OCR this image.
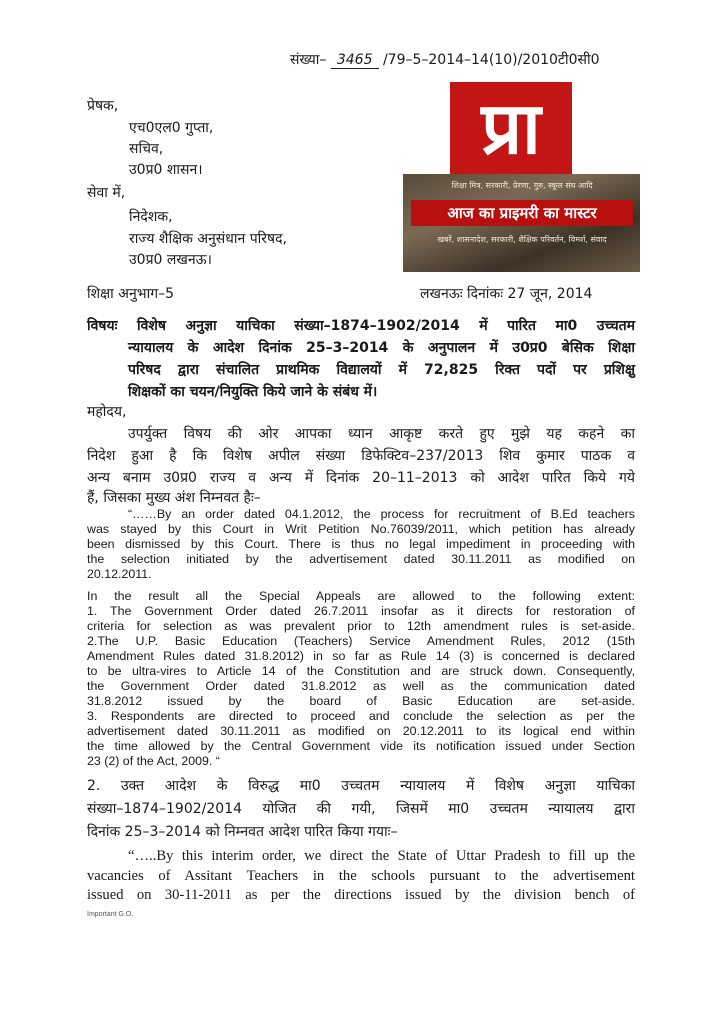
संख्या– 3465 /79–5–2014–14(10)/2010टी0सी0
प्रेषक,
एच0एल0 गुप्ता,
सचिव,
उ0प्र0 शासन।
सेवा में,
निदेशक,
राज्य शैक्षिक अनुसंधान परिषद,
उ0प्र0 लखनऊ।
प्रा
शिक्षा मित्र, सरकारी, प्रेरणा, गुरु, स्कूल संघ आदि
आज का प्राइमरी का मास्टर
खबरें, शासनादेश, सरकारी, शैक्षिक परिवर्तन, विमर्श, संवाद
शिक्षा अनुभाग–5	लखनऊः दिनांकः 27 जून, 2014
विषयः विशेष अनुज्ञा याचिका संख्या–1874–1902/2014 में पारित मा0 उच्चतम
न्यायालय के आदेश दिनांक 25–3–2014 के अनुपालन में उ0प्र0 बेसिक शिक्षा
परिषद द्वारा संचालित प्राथमिक विद्यालयों में 72,825 रिक्त पदों पर प्रशिक्षु
शिक्षकों का चयन/नियुक्ति किये जाने के संबंध में।
महोदय,
उपर्युक्त विषय की ओर आपका ध्यान आकृष्ट करते हुए मुझे यह कहने का
निदेश हुआ है कि विशेष अपील संख्या डिफेक्टिव–237/2013 शिव कुमार पाठक व
अन्य बनाम उ0प्र0 राज्य व अन्य में दिनांक 20–11–2013 को आदेश पारित किये गये
हैं, जिसका मुख्य अंश निम्नवत हैः–
“……By an order dated 04.1.2012, the process for recruitment of B.Ed teachers
was stayed by this Court in Writ Petition No.76039/2011, which petition has already
been dismissed by this Court. There is thus no legal impediment in proceeding with
the selection initiated by the advertisement dated 30.11.2011 as modified on
20.12.2011.
In the result all the Special Appeals are allowed to the following extent:
1. The Government Order dated 26.7.2011 insofar as it directs for restoration of
criteria for selection as was prevalent prior to 12th amendment rules is set-aside.
2.The U.P. Basic Education (Teachers) Service Amendment Rules, 2012 (15th
Amendment Rules dated 31.8.2012) in so far as Rule 14 (3) is concerned is declared
to be ultra-vires to Article 14 of the Constitution and are struck down. Consequently,
the Government Order dated 31.8.2012 as well as the communication dated
31.8.2012 issued by the board of Basic Education are set-aside.
3. Respondents are directed to proceed and conclude the selection as per the
advertisement dated 30.11.2011 as modified on 20.12.2011 to its logical end within
the time allowed by the Central Government vide its notification issued under Section
23 (2) of the Act, 2009. “
2. उक्त आदेश के विरुद्ध मा0 उच्चतम न्यायालय में विशेष अनुज्ञा याचिका
संख्या–1874–1902/2014 योजित की गयी, जिसमें मा0 उच्चतम न्यायालय द्वारा
दिनांक 25–3–2014 को निम्नवत आदेश पारित किया गयाः–
“…..By this interim order, we direct the State of Uttar Pradesh to fill up the
vacancies of Assitant Teachers in the schools pursuant to the advertisement
issued on 30-11-2011 as per the directions issued by the division bench of
Important G.O.
